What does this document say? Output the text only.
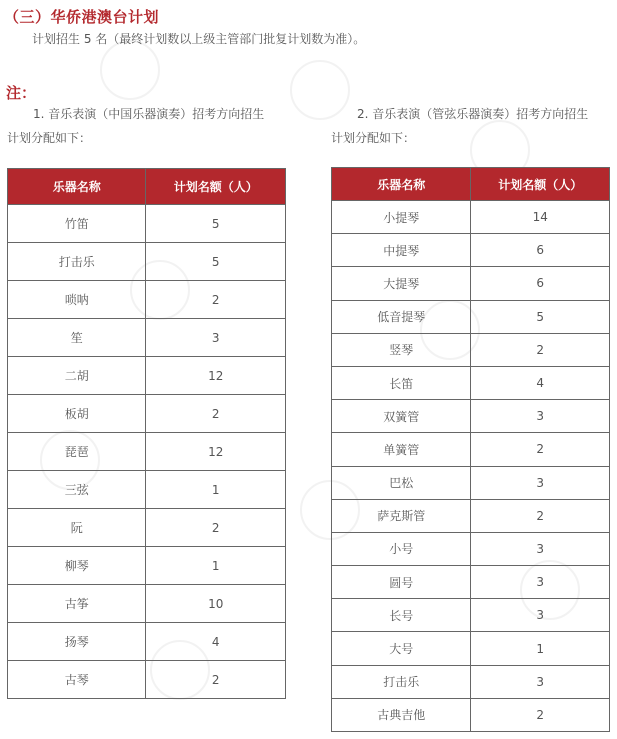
（三）华侨港澳台计划
计划招生 5 名（最终计划数以上级主管部门批复计划数为准）。
注：
1. 音乐表演（中国乐器演奏）招考方向招生
计划分配如下：
2. 音乐表演（管弦乐器演奏）招考方向招生
计划分配如下：
乐器名称	计划名额（人）
竹笛	5
打击乐	5
唢呐	2
笙	3
二胡	12
板胡	2
琵琶	12
三弦	1
阮	2
柳琴	1
古筝	10
扬琴	4
古琴	2
乐器名称	计划名额（人）
小提琴	14
中提琴	6
大提琴	6
低音提琴	5
竖琴	2
长笛	4
双簧管	3
单簧管	2
巴松	3
萨克斯管	2
小号	3
圆号	3
长号	3
大号	1
打击乐	3
古典吉他	2
